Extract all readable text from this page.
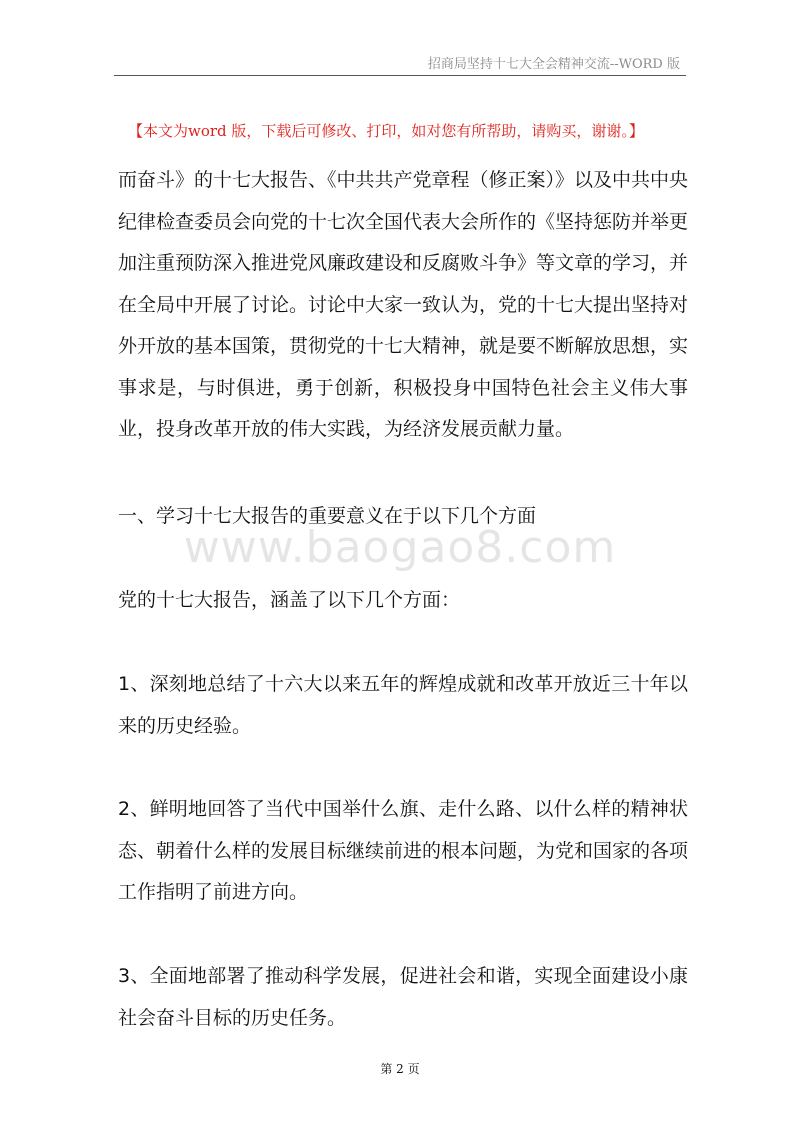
招商局坚持十七大全会精神交流--WORD 版
【本文为word 版，下载后可修改、打印，如对您有所帮助，请购买，谢谢。】

而奋斗》的十七大报告、《中共共产党章程（修正案）》以及中共中央纪律检查委员会向党的十七次全国代表大会所作的《坚持惩防并举更加注重预防深入推进党风廉政建设和反腐败斗争》等文章的学习，并在全局中开展了讨论。讨论中大家一致认为，党的十七大提出坚持对外开放的基本国策，贯彻党的十七大精神，就是要不断解放思想，实事求是，与时俱进，勇于创新，积极投身中国特色社会主义伟大事业，投身改革开放的伟大实践，为经济发展贡献力量。

一、学习十七大报告的重要意义在于以下几个方面

www.baogao8.com

党的十七大报告，涵盖了以下几个方面：

1、深刻地总结了十六大以来五年的辉煌成就和改革开放近三十年以来的历史经验。

2、鲜明地回答了当代中国举什么旗、走什么路、以什么样的精神状态、朝着什么样的发展目标继续前进的根本问题，为党和国家的各项工作指明了前进方向。

3、全面地部署了推动科学发展，促进社会和谐，实现全面建设小康社会奋斗目标的历史任务。

第 2 页
